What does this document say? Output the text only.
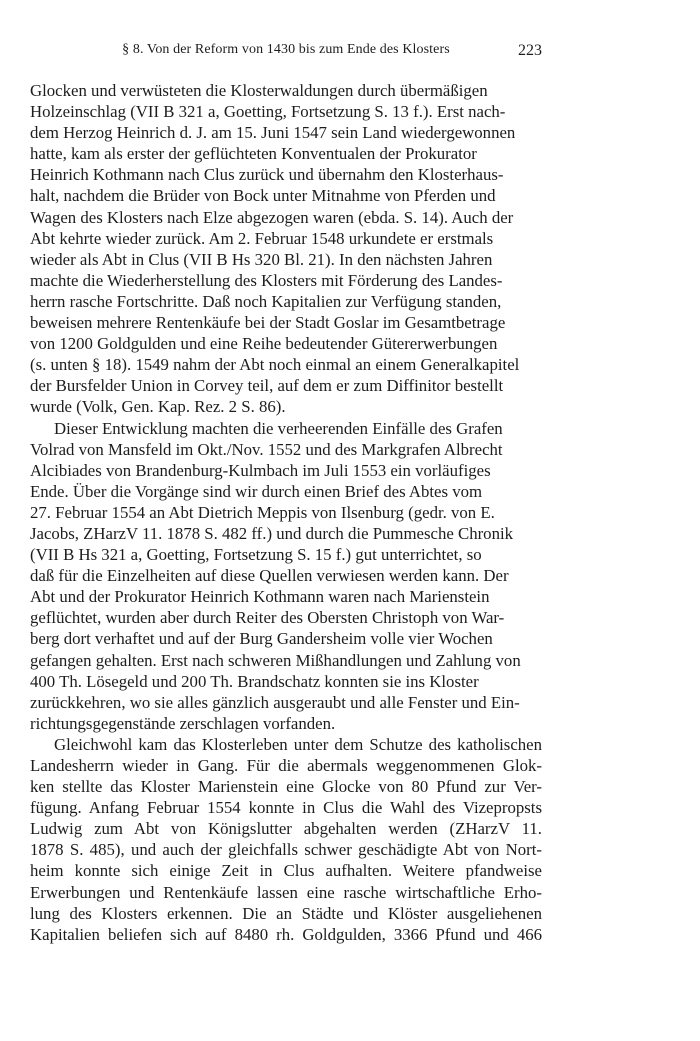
§ 8. Von der Reform von 1430 bis zum Ende des Klosters	223

Glocken und verwüsteten die Klosterwaldungen durch übermäßigen
Holzeinschlag (VII B 321 a, Goetting, Fortsetzung S. 13 f.). Erst nach-
dem Herzog Heinrich d. J. am 15. Juni 1547 sein Land wiedergewonnen
hatte, kam als erster der geflüchteten Konventualen der Prokurator
Heinrich Kothmann nach Clus zurück und übernahm den Klosterhaus-
halt, nachdem die Brüder von Bock unter Mitnahme von Pferden und
Wagen des Klosters nach Elze abgezogen waren (ebda. S. 14). Auch der
Abt kehrte wieder zurück. Am 2. Februar 1548 urkundete er erstmals
wieder als Abt in Clus (VII B Hs 320 Bl. 21). In den nächsten Jahren
machte die Wiederherstellung des Klosters mit Förderung des Landes-
herrn rasche Fortschritte. Daß noch Kapitalien zur Verfügung standen,
beweisen mehrere Rentenkäufe bei der Stadt Goslar im Gesamtbetrage
von 1200 Goldgulden und eine Reihe bedeutender Gütererwerbungen
(s. unten § 18). 1549 nahm der Abt noch einmal an einem Generalkapitel
der Bursfelder Union in Corvey teil, auf dem er zum Diffinitor bestellt
wurde (Volk, Gen. Kap. Rez. 2 S. 86).

Dieser Entwicklung machten die verheerenden Einfälle des Grafen
Volrad von Mansfeld im Okt./Nov. 1552 und des Markgrafen Albrecht
Alcibiades von Brandenburg-Kulmbach im Juli 1553 ein vorläufiges
Ende. Über die Vorgänge sind wir durch einen Brief des Abtes vom
27. Februar 1554 an Abt Dietrich Meppis von Ilsenburg (gedr. von E.
Jacobs, ZHarzV 11. 1878 S. 482 ff.) und durch die Pummesche Chronik
(VII B Hs 321 a, Goetting, Fortsetzung S. 15 f.) gut unterrichtet, so
daß für die Einzelheiten auf diese Quellen verwiesen werden kann. Der
Abt und der Prokurator Heinrich Kothmann waren nach Marienstein
geflüchtet, wurden aber durch Reiter des Obersten Christoph von War-
berg dort verhaftet und auf der Burg Gandersheim volle vier Wochen
gefangen gehalten. Erst nach schweren Mißhandlungen und Zahlung von
400 Th. Lösegeld und 200 Th. Brandschatz konnten sie ins Kloster
zurückkehren, wo sie alles gänzlich ausgeraubt und alle Fenster und Ein-
richtungsgegenstände zerschlagen vorfanden.

Gleichwohl kam das Klosterleben unter dem Schutze des katholischen
Landesherrn wieder in Gang. Für die abermals weggenommenen Glok-
ken stellte das Kloster Marienstein eine Glocke von 80 Pfund zur Ver-
fügung. Anfang Februar 1554 konnte in Clus die Wahl des Vizepropsts
Ludwig zum Abt von Königslutter abgehalten werden (ZHarzV 11.
1878 S. 485), und auch der gleichfalls schwer geschädigte Abt von Nort-
heim konnte sich einige Zeit in Clus aufhalten. Weitere pfandweise
Erwerbungen und Rentenkäufe lassen eine rasche wirtschaftliche Erho-
lung des Klosters erkennen. Die an Städte und Klöster ausgeliehenen
Kapitalien beliefen sich auf 8480 rh. Goldgulden, 3366 Pfund und 466
